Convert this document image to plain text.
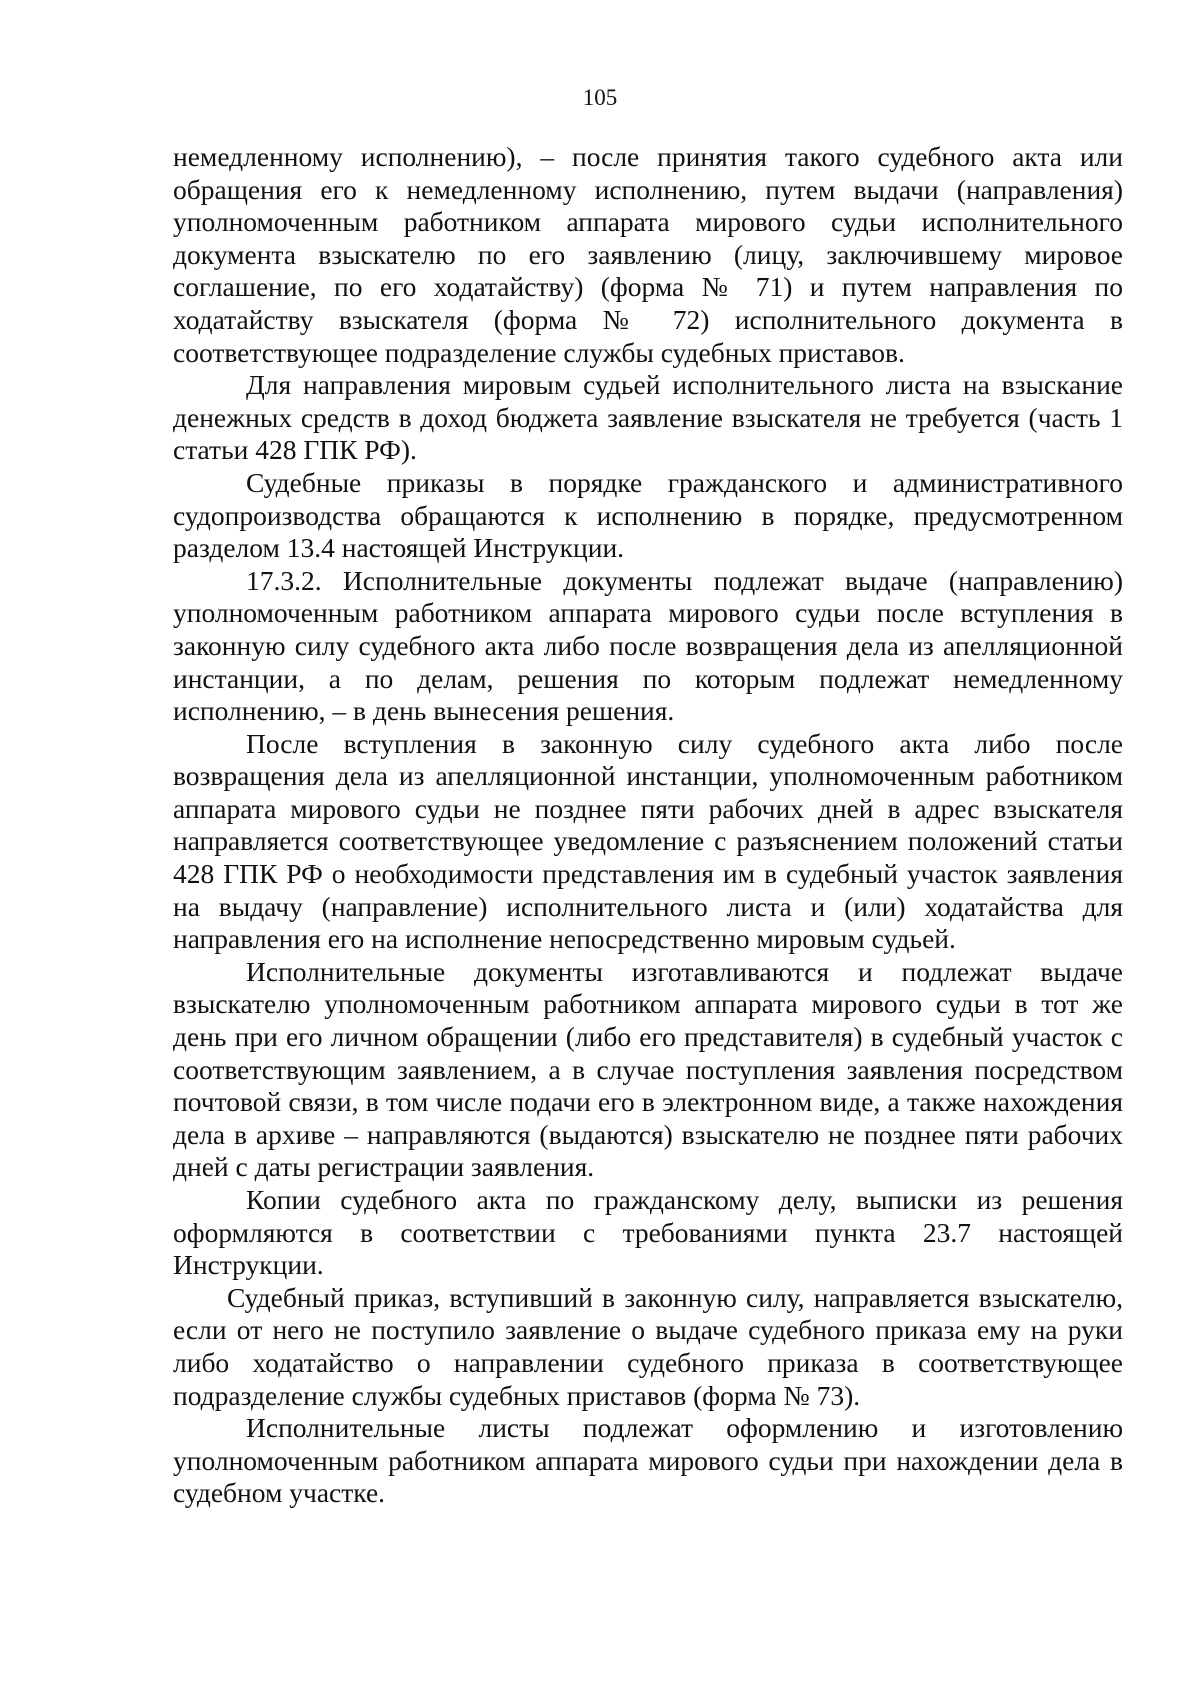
105

немедленному исполнению), – после принятия такого судебного акта или обращения его к немедленному исполнению, путем выдачи (направления) уполномоченным работником аппарата мирового судьи исполнительного документа взыскателю по его заявлению (лицу, заключившему мировое соглашение, по его ходатайству) (форма № 71) и путем направления по ходатайству взыскателя (форма № 72) исполнительного документа в соответствующее подразделение службы судебных приставов.

Для направления мировым судьей исполнительного листа на взыскание денежных средств в доход бюджета заявление взыскателя не требуется (часть 1 статьи 428 ГПК РФ).

Судебные приказы в порядке гражданского и административного судопроизводства обращаются к исполнению в порядке, предусмотренном разделом 13.4 настоящей Инструкции.

17.3.2. Исполнительные документы подлежат выдаче (направлению) уполномоченным работником аппарата мирового судьи после вступления в законную силу судебного акта либо после возвращения дела из апелляционной инстанции, а по делам, решения по которым подлежат немедленному исполнению, – в день вынесения решения.

После вступления в законную силу судебного акта либо после возвращения дела из апелляционной инстанции, уполномоченным работником аппарата мирового судьи не позднее пяти рабочих дней в адрес взыскателя направляется соответствующее уведомление с разъяснением положений статьи 428 ГПК РФ о необходимости представления им в судебный участок заявления на выдачу (направление) исполнительного листа и (или) ходатайства для направления его на исполнение непосредственно мировым судьей.

Исполнительные документы изготавливаются и подлежат выдаче взыскателю уполномоченным работником аппарата мирового судьи в тот же день при его личном обращении (либо его представителя) в судебный участок с соответствующим заявлением, а в случае поступления заявления посредством почтовой связи, в том числе подачи его в электронном виде, а также нахождения дела в архиве – направляются (выдаются) взыскателю не позднее пяти рабочих дней с даты регистрации заявления.

Копии судебного акта по гражданскому делу, выписки из решения оформляются в соответствии с требованиями пункта 23.7 настоящей Инструкции.

Судебный приказ, вступивший в законную силу, направляется взыскателю, если от него не поступило заявление о выдаче судебного приказа ему на руки либо ходатайство о направлении судебного приказа в соответствующее подразделение службы судебных приставов (форма № 73).

Исполнительные листы подлежат оформлению и изготовлению уполномоченным работником аппарата мирового судьи при нахождении дела в судебном участке.
